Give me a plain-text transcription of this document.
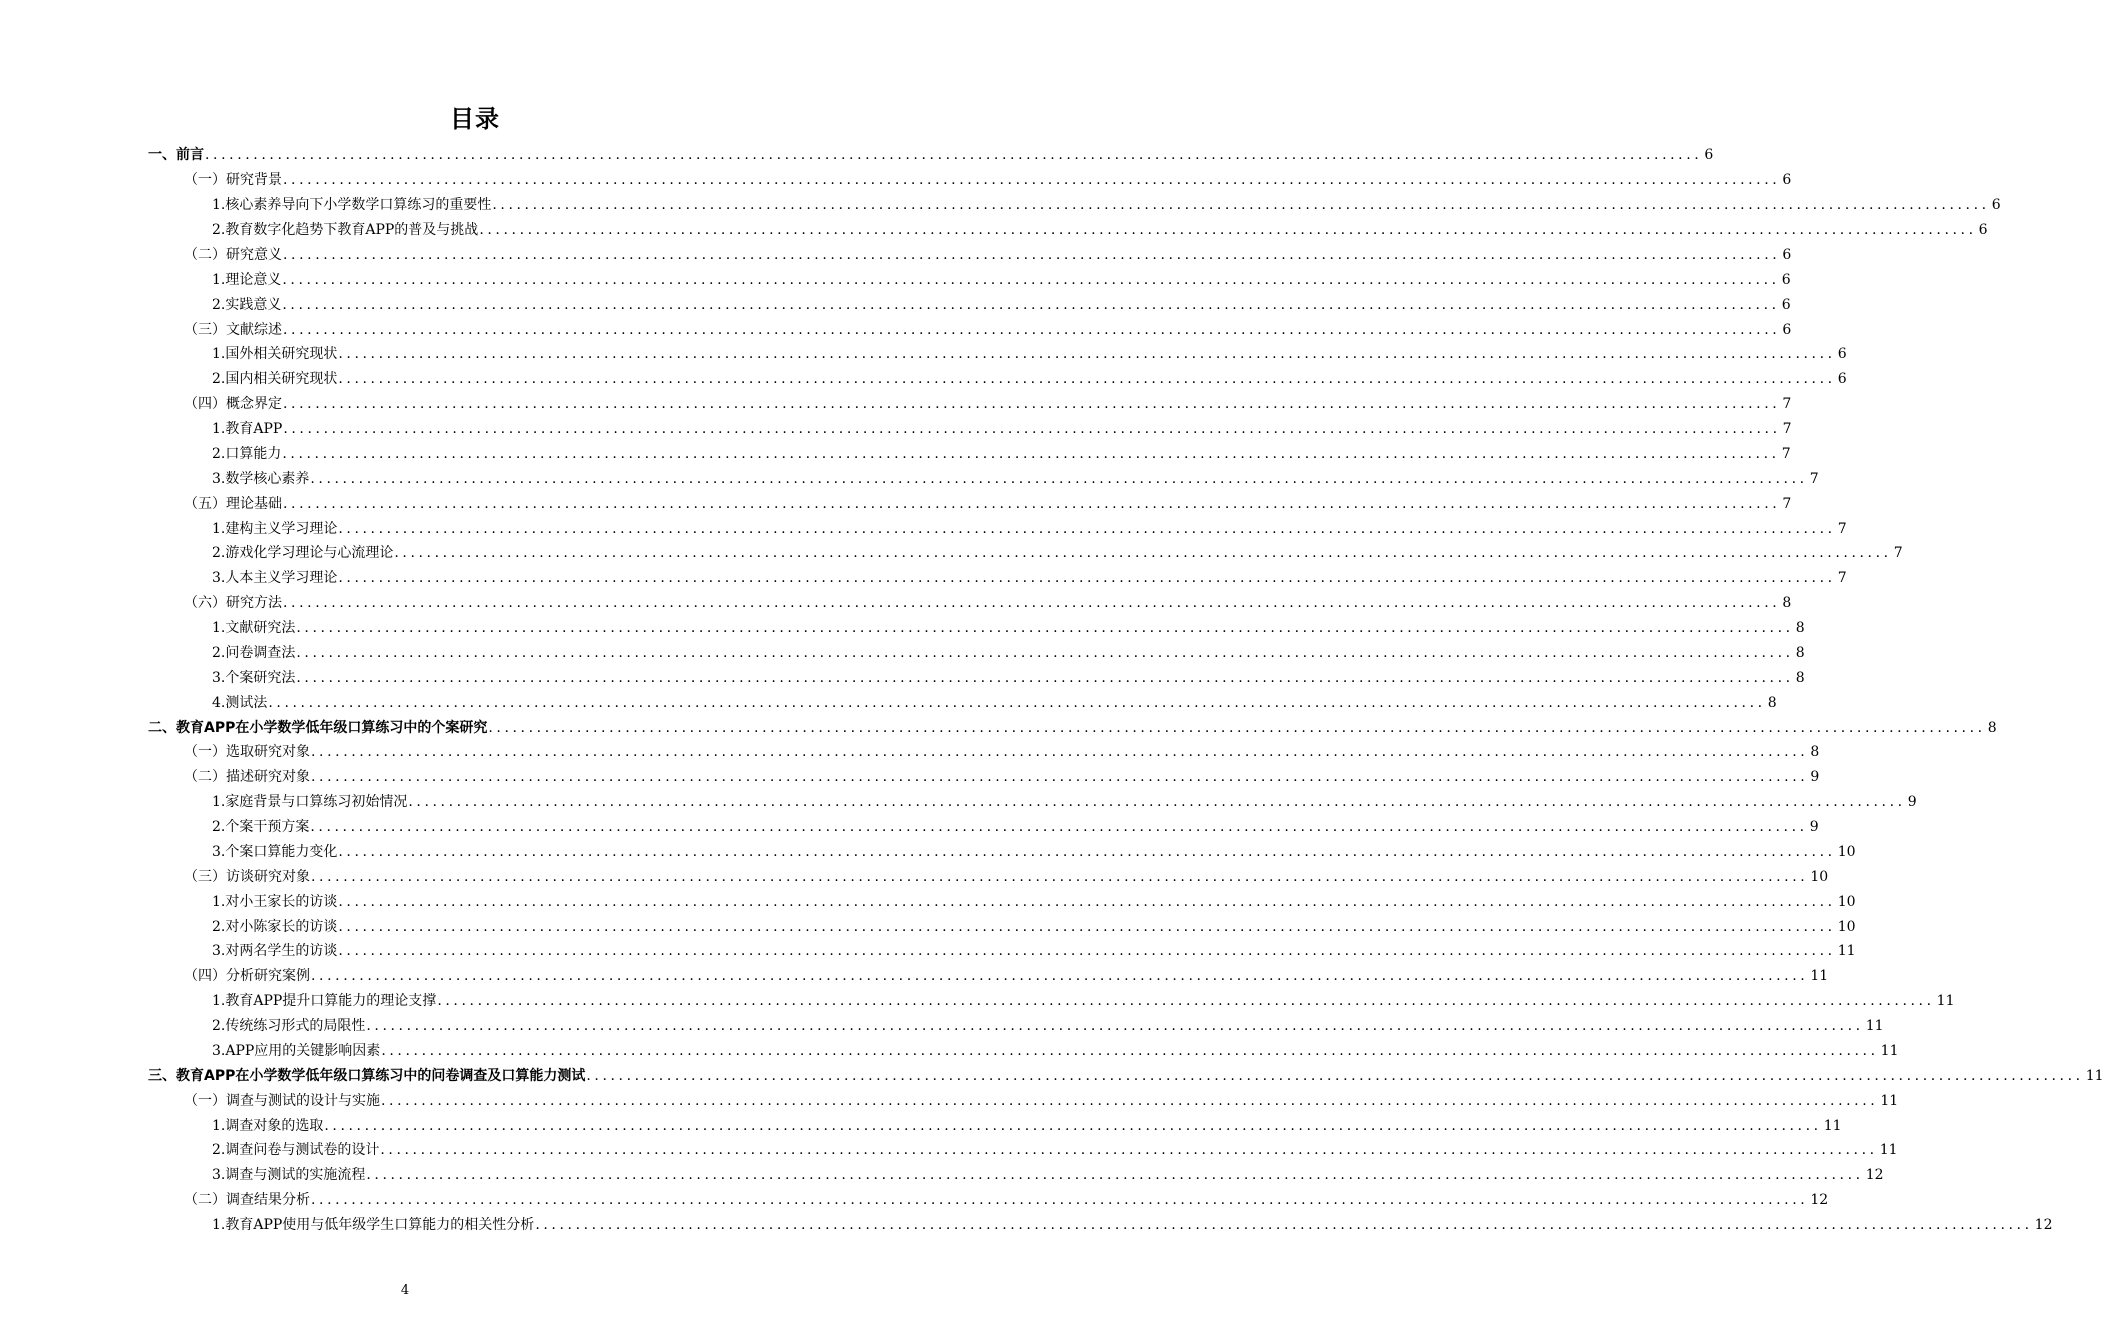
目录
一、前言 .......................................................................................................................................................................................... 6
（一）研究背景 .......................................................................................................................................................................................... 6
1.核心素养导向下小学数学口算练习的重要性 .......................................................................................................................................................................................... 6
2.教育数字化趋势下教育APP的普及与挑战 .......................................................................................................................................................................................... 6
（二）研究意义 .......................................................................................................................................................................................... 6
1.理论意义 .......................................................................................................................................................................................... 6
2.实践意义 .......................................................................................................................................................................................... 6
（三）文献综述 .......................................................................................................................................................................................... 6
1.国外相关研究现状 .......................................................................................................................................................................................... 6
2.国内相关研究现状 .......................................................................................................................................................................................... 6
（四）概念界定 .......................................................................................................................................................................................... 7
1.教育APP .......................................................................................................................................................................................... 7
2.口算能力 .......................................................................................................................................................................................... 7
3.数学核心素养 .......................................................................................................................................................................................... 7
（五）理论基础 .......................................................................................................................................................................................... 7
1.建构主义学习理论 .......................................................................................................................................................................................... 7
2.游戏化学习理论与心流理论 .......................................................................................................................................................................................... 7
3.人本主义学习理论 .......................................................................................................................................................................................... 7
（六）研究方法 .......................................................................................................................................................................................... 8
1.文献研究法 .......................................................................................................................................................................................... 8
2.问卷调查法 .......................................................................................................................................................................................... 8
3.个案研究法 .......................................................................................................................................................................................... 8
4.测试法 .......................................................................................................................................................................................... 8
二、教育APP在小学数学低年级口算练习中的个案研究 .......................................................................................................................................................................................... 8
（一）选取研究对象 .......................................................................................................................................................................................... 8
（二）描述研究对象 .......................................................................................................................................................................................... 9
1.家庭背景与口算练习初始情况 .......................................................................................................................................................................................... 9
2.个案干预方案 .......................................................................................................................................................................................... 9
3.个案口算能力变化 .......................................................................................................................................................................................... 10
（三）访谈研究对象 .......................................................................................................................................................................................... 10
1.对小王家长的访谈 .......................................................................................................................................................................................... 10
2.对小陈家长的访谈 .......................................................................................................................................................................................... 10
3.对两名学生的访谈 .......................................................................................................................................................................................... 11
（四）分析研究案例 .......................................................................................................................................................................................... 11
1.教育APP提升口算能力的理论支撑 .......................................................................................................................................................................................... 11
2.传统练习形式的局限性 .......................................................................................................................................................................................... 11
3.APP应用的关键影响因素 .......................................................................................................................................................................................... 11
三、教育APP在小学数学低年级口算练习中的问卷调查及口算能力测试 .......................................................................................................................................................................................... 11
（一）调查与测试的设计与实施 .......................................................................................................................................................................................... 11
1.调查对象的选取 .......................................................................................................................................................................................... 11
2.调查问卷与测试卷的设计 .......................................................................................................................................................................................... 11
3.调查与测试的实施流程 .......................................................................................................................................................................................... 12
（二）调查结果分析 .......................................................................................................................................................................................... 12
1.教育APP使用与低年级学生口算能力的相关性分析 .......................................................................................................................................................................................... 12
4
